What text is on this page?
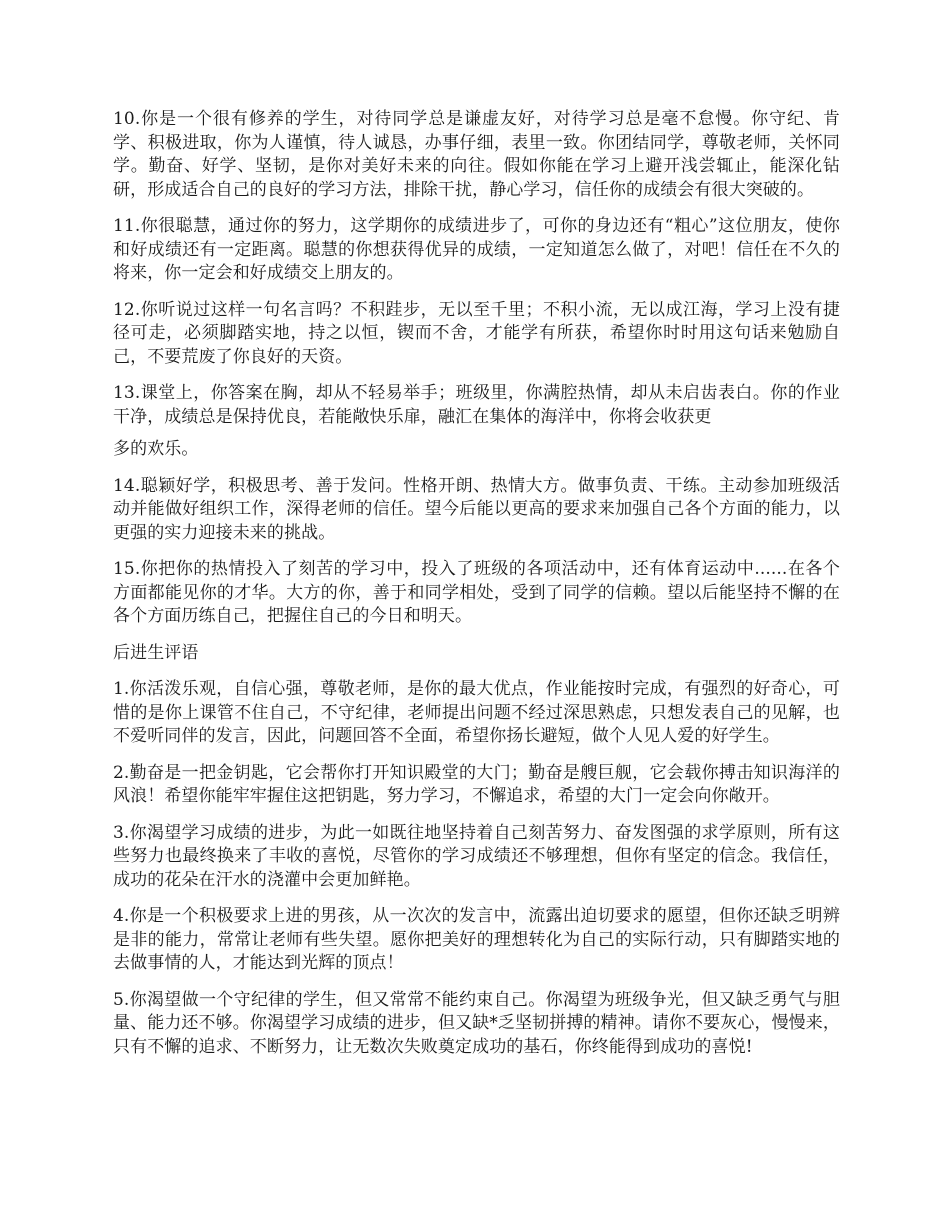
10.你是一个很有修养的学生，对待同学总是谦虚友好，对待学习总是毫不怠慢。你守纪、肯学、积极进取，你为人谨慎，待人诚恳，办事仔细，表里一致。你团结同学，尊敬老师，关怀同学。勤奋、好学、坚韧，是你对美好未来的向往。假如你能在学习上避开浅尝辄止，能深化钻研，形成适合自己的良好的学习方法，排除干扰，静心学习，信任你的成绩会有很大突破的。

11.你很聪慧，通过你的努力，这学期你的成绩进步了，可你的身边还有“粗心”这位朋友，使你和好成绩还有一定距离。聪慧的你想获得优异的成绩，一定知道怎么做了，对吧！信任在不久的将来，你一定会和好成绩交上朋友的。

12.你听说过这样一句名言吗？不积跬步，无以至千里；不积小流，无以成江海，学习上没有捷径可走，必须脚踏实地，持之以恒，锲而不舍，才能学有所获，希望你时时用这句话来勉励自己，不要荒废了你良好的天资。

13.课堂上，你答案在胸，却从不轻易举手；班级里，你满腔热情，却从未启齿表白。你的作业干净，成绩总是保持优良，若能敞快乐扉，融汇在集体的海洋中，你将会收获更

多的欢乐。

14.聪颖好学，积极思考、善于发问。性格开朗、热情大方。做事负责、干练。主动参加班级活动并能做好组织工作，深得老师的信任。望今后能以更高的要求来加强自己各个方面的能力，以更强的实力迎接未来的挑战。

15.你把你的热情投入了刻苦的学习中，投入了班级的各项活动中，还有体育运动中......在各个方面都能见你的才华。大方的你，善于和同学相处，受到了同学的信赖。望以后能坚持不懈的在各个方面历练自己，把握住自己的今日和明天。

后进生评语

1.你活泼乐观，自信心强，尊敬老师，是你的最大优点，作业能按时完成，有强烈的好奇心，可惜的是你上课管不住自己，不守纪律，老师提出问题不经过深思熟虑，只想发表自己的见解，也不爱听同伴的发言，因此，问题回答不全面，希望你扬长避短，做个人见人爱的好学生。

2.勤奋是一把金钥匙，它会帮你打开知识殿堂的大门；勤奋是艘巨舰，它会载你搏击知识海洋的风浪！希望你能牢牢握住这把钥匙，努力学习，不懈追求，希望的大门一定会向你敞开。

3.你渴望学习成绩的进步，为此一如既往地坚持着自己刻苦努力、奋发图强的求学原则，所有这些努力也最终换来了丰收的喜悦，尽管你的学习成绩还不够理想，但你有坚定的信念。我信任，成功的花朵在汗水的浇灌中会更加鲜艳。

4.你是一个积极要求上进的男孩，从一次次的发言中，流露出迫切要求的愿望，但你还缺乏明辨是非的能力，常常让老师有些失望。愿你把美好的理想转化为自己的实际行动，只有脚踏实地的去做事情的人，才能达到光辉的顶点！

5.你渴望做一个守纪律的学生，但又常常不能约束自己。你渴望为班级争光，但又缺乏勇气与胆量、能力还不够。你渴望学习成绩的进步，但又缺*乏坚韧拼搏的精神。请你不要灰心，慢慢来，只有不懈的追求、不断努力，让无数次失败奠定成功的基石，你终能得到成功的喜悦!
